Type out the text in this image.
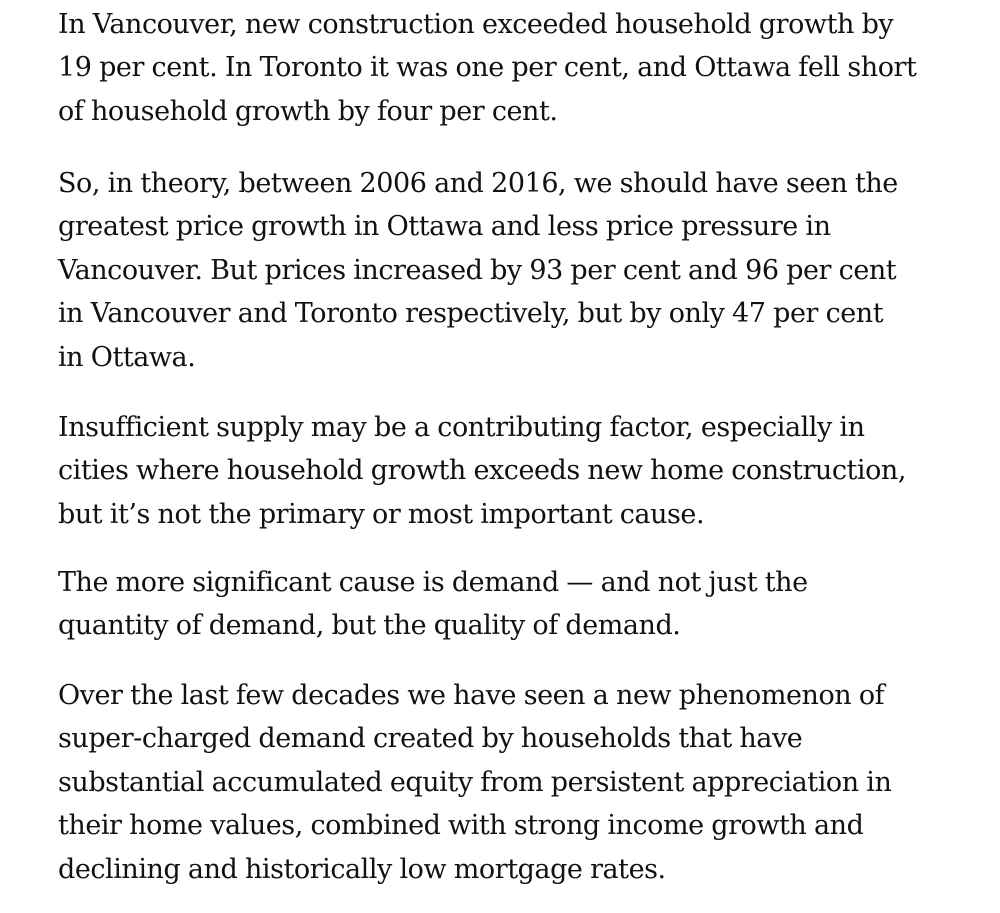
In Vancouver, new construction exceeded household growth by
19 per cent. In Toronto it was one per cent, and Ottawa fell short
of household growth by four per cent.
So, in theory, between 2006 and 2016, we should have seen the
greatest price growth in Ottawa and less price pressure in
Vancouver. But prices increased by 93 per cent and 96 per cent
in Vancouver and Toronto respectively, but by only 47 per cent
in Ottawa.
Insufficient supply may be a contributing factor, especially in
cities where household growth exceeds new home construction,
but it’s not the primary or most important cause.
The more significant cause is demand — and not just the
quantity of demand, but the quality of demand.
Over the last few decades we have seen a new phenomenon of
super-charged demand created by households that have
substantial accumulated equity from persistent appreciation in
their home values, combined with strong income growth and
declining and historically low mortgage rates.
